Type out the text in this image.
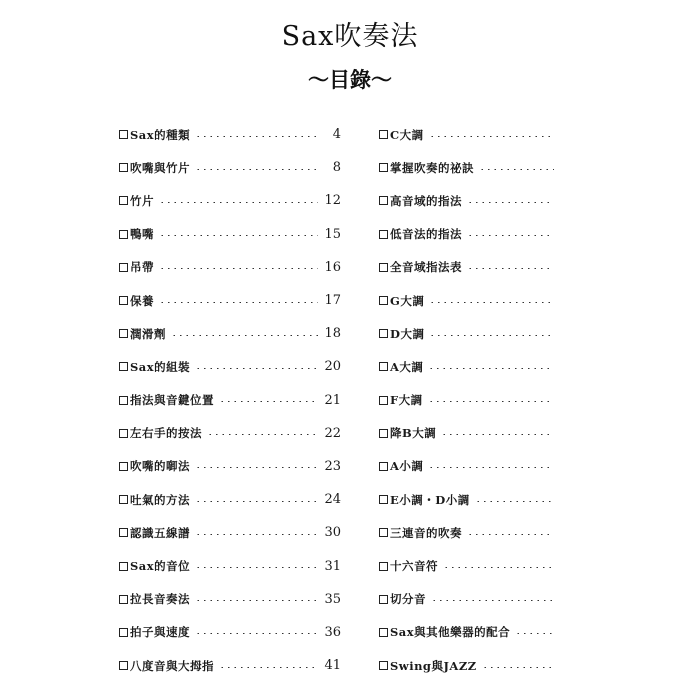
Sax吹奏法
～目錄～
Sax的種類	4
吹嘴與竹片	8
竹片	12
鴨嘴	15
吊帶	16
保養	17
潤滑劑	18
Sax的組裝	20
指法與音鍵位置	21
左右手的按法	22
吹嘴的啣法	23
吐氣的方法	24
認識五線譜	30
Sax的音位	31
拉長音奏法	35
拍子與速度	36
八度音與大拇指	41
C大調
掌握吹奏的祕訣
高音域的指法
低音法的指法
全音域指法表
G大調
D大調
A大調
F大調
降B大調
A小調
E小調・D小調
三連音的吹奏
十六音符
切分音
Sax與其他樂器的配合
Swing與JAZZ
